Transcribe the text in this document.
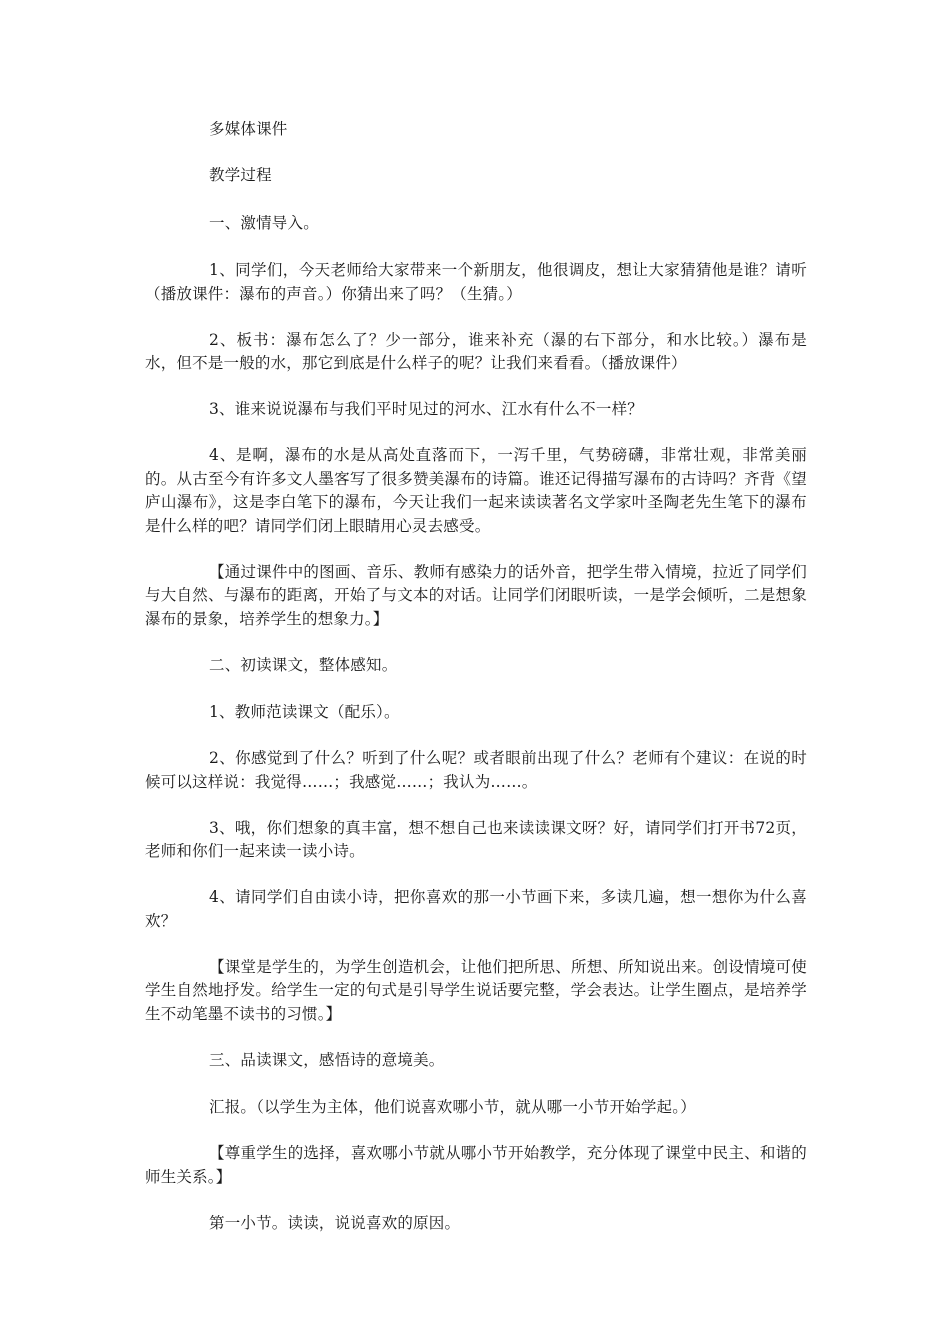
多媒体课件

教学过程

一、激情导入。

1、同学们，今天老师给大家带来一个新朋友，他很调皮，想让大家猜猜他是谁？请听（播放课件：瀑布的声音。）你猜出来了吗？（生猜。）

2、板书：瀑布怎么了？少一部分，谁来补充（瀑的右下部分，和水比较。）瀑布是水，但不是一般的水，那它到底是什么样子的呢？让我们来看看。（播放课件）

3、谁来说说瀑布与我们平时见过的河水、江水有什么不一样？

4、是啊，瀑布的水是从高处直落而下，一泻千里，气势磅礴，非常壮观，非常美丽的。从古至今有许多文人墨客写了很多赞美瀑布的诗篇。谁还记得描写瀑布的古诗吗？齐背《望庐山瀑布》，这是李白笔下的瀑布，今天让我们一起来读读著名文学家叶圣陶老先生笔下的瀑布是什么样的吧？请同学们闭上眼睛用心灵去感受。

【通过课件中的图画、音乐、教师有感染力的话外音，把学生带入情境，拉近了同学们与大自然、与瀑布的距离，开始了与文本的对话。让同学们闭眼听读，一是学会倾听，二是想象瀑布的景象，培养学生的想象力。】

二、初读课文，整体感知。

1、教师范读课文（配乐）。

2、你感觉到了什么？听到了什么呢？或者眼前出现了什么？老师有个建议：在说的时候可以这样说：我觉得……；我感觉……；我认为……。

3、哦，你们想象的真丰富，想不想自己也来读读课文呀？好，请同学们打开书72页，老师和你们一起来读一读小诗。

4、请同学们自由读小诗，把你喜欢的那一小节画下来，多读几遍，想一想你为什么喜欢？

【课堂是学生的，为学生创造机会，让他们把所思、所想、所知说出来。创设情境可使学生自然地抒发。给学生一定的句式是引导学生说话要完整，学会表达。让学生圈点，是培养学生不动笔墨不读书的习惯。】

三、品读课文，感悟诗的意境美。

汇报。（以学生为主体，他们说喜欢哪小节，就从哪一小节开始学起。）

【尊重学生的选择，喜欢哪小节就从哪小节开始教学，充分体现了课堂中民主、和谐的师生关系。】

第一小节。读读，说说喜欢的原因。
